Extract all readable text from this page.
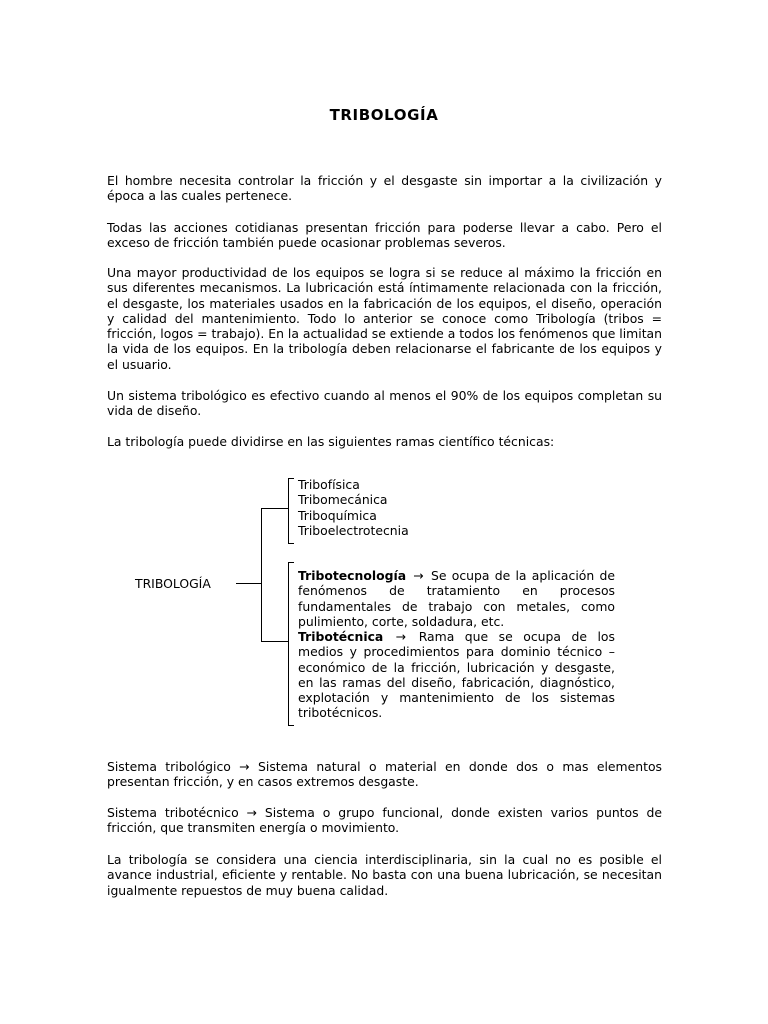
TRIBOLOGÍA

El hombre necesita controlar la fricción y el desgaste sin importar a la civilización y época a las cuales pertenece.

Todas las acciones cotidianas presentan fricción para poderse llevar a cabo. Pero el exceso de fricción también puede ocasionar problemas severos.

Una mayor productividad de los equipos se logra si se reduce al máximo la fricción en sus diferentes mecanismos. La lubricación está íntimamente relacionada con la fricción, el desgaste, los materiales usados en la fabricación de los equipos, el diseño, operación y calidad del mantenimiento. Todo lo anterior se conoce como Tribología (tribos = fricción, logos = trabajo). En la actualidad se extiende a todos los fenómenos que limitan la vida de los equipos. En la tribología deben relacionarse el fabricante de los equipos y el usuario.

Un sistema tribológico es efectivo cuando al menos el 90% de los equipos completan su vida de diseño.

La tribología puede dividirse en las siguientes ramas científico técnicas:

TRIBOLOGÍA
Tribofísica
Tribomecánica
Triboquímica
Triboelectrotecnia

Tribotecnología → Se ocupa de la aplicación de fenómenos de tratamiento en procesos fundamentales de trabajo con metales, como pulimiento, corte, soldadura, etc.

Tribotécnica → Rama que se ocupa de los medios y procedimientos para dominio técnico – económico de la fricción, lubricación y desgaste, en las ramas del diseño, fabricación, diagnóstico, explotación y mantenimiento de los sistemas tribotécnicos.

Sistema tribológico → Sistema natural o material en donde dos o mas elementos presentan fricción, y en casos extremos desgaste.

Sistema tribotécnico → Sistema o grupo funcional, donde existen varios puntos de fricción, que transmiten energía o movimiento.

La tribología se considera una ciencia interdisciplinaria, sin la cual no es posible el avance industrial, eficiente y rentable. No basta con una buena lubricación, se necesitan igualmente repuestos de muy buena calidad.
